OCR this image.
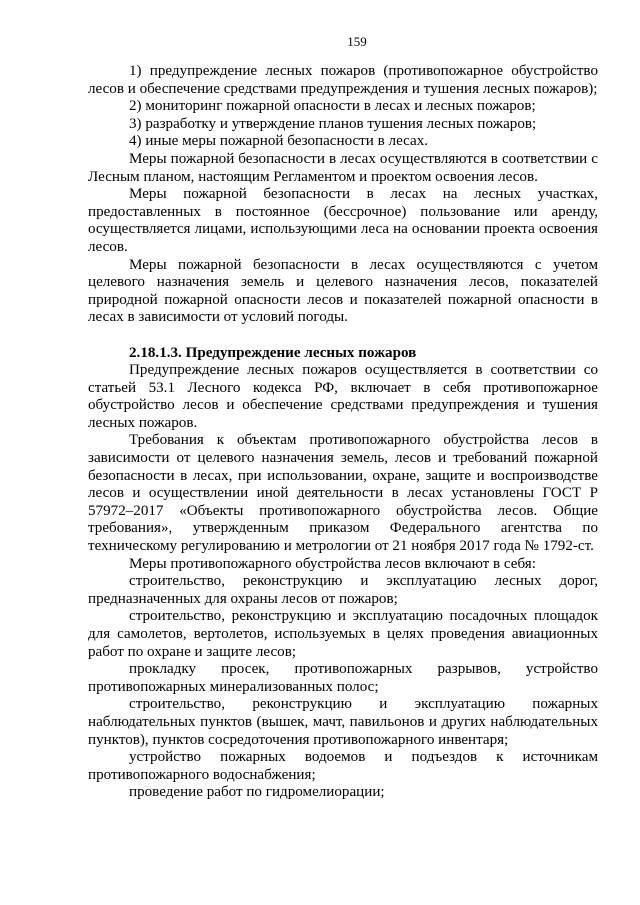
159

1) предупреждение лесных пожаров (противопожарное обустройство лесов и обеспечение средствами предупреждения и тушения лесных пожаров);

2) мониторинг пожарной опасности в лесах и лесных пожаров;

3) разработку и утверждение планов тушения лесных пожаров;

4) иные меры пожарной безопасности в лесах.

Меры пожарной безопасности в лесах осуществляются в соответствии с Лесным планом, настоящим Регламентом и проектом освоения лесов.

Меры пожарной безопасности в лесах на лесных участках, предоставленных в постоянное (бессрочное) пользование или аренду, осуществляется лицами, использующими леса на основании проекта освоения лесов.

Меры пожарной безопасности в лесах осуществляются с учетом целевого назначения земель и целевого назначения лесов, показателей природной пожарной опасности лесов и показателей пожарной опасности в лесах в зависимости от условий погоды.

2.18.1.3. Предупреждение лесных пожаров

Предупреждение лесных пожаров осуществляется в соответствии со статьей 53.1 Лесного кодекса РФ, включает в себя противопожарное обустройство лесов и обеспечение средствами предупреждения и тушения лесных пожаров.

Требования к объектам противопожарного обустройства лесов в зависимости от целевого назначения земель, лесов и требований пожарной безопасности в лесах, при использовании, охране, защите и воспроизводстве лесов и осуществлении иной деятельности в лесах установлены ГОСТ Р 57972–2017 «Объекты противопожарного обустройства лесов. Общие требования», утвержденным приказом Федерального агентства по техническому регулированию и метрологии от 21 ноября 2017 года № 1792-ст.

Меры противопожарного обустройства лесов включают в себя:

строительство, реконструкцию и эксплуатацию лесных дорог, предназначенных для охраны лесов от пожаров;

строительство, реконструкцию и эксплуатацию посадочных площадок для самолетов, вертолетов, используемых в целях проведения авиационных работ по охране и защите лесов;

прокладку просек, противопожарных разрывов, устройство противопожарных минерализованных полос;

строительство, реконструкцию и эксплуатацию пожарных наблюдательных пунктов (вышек, мачт, павильонов и других наблюдательных пунктов), пунктов сосредоточения противопожарного инвентаря;

устройство пожарных водоемов и подъездов к источникам противопожарного водоснабжения;

проведение работ по гидромелиорации;
